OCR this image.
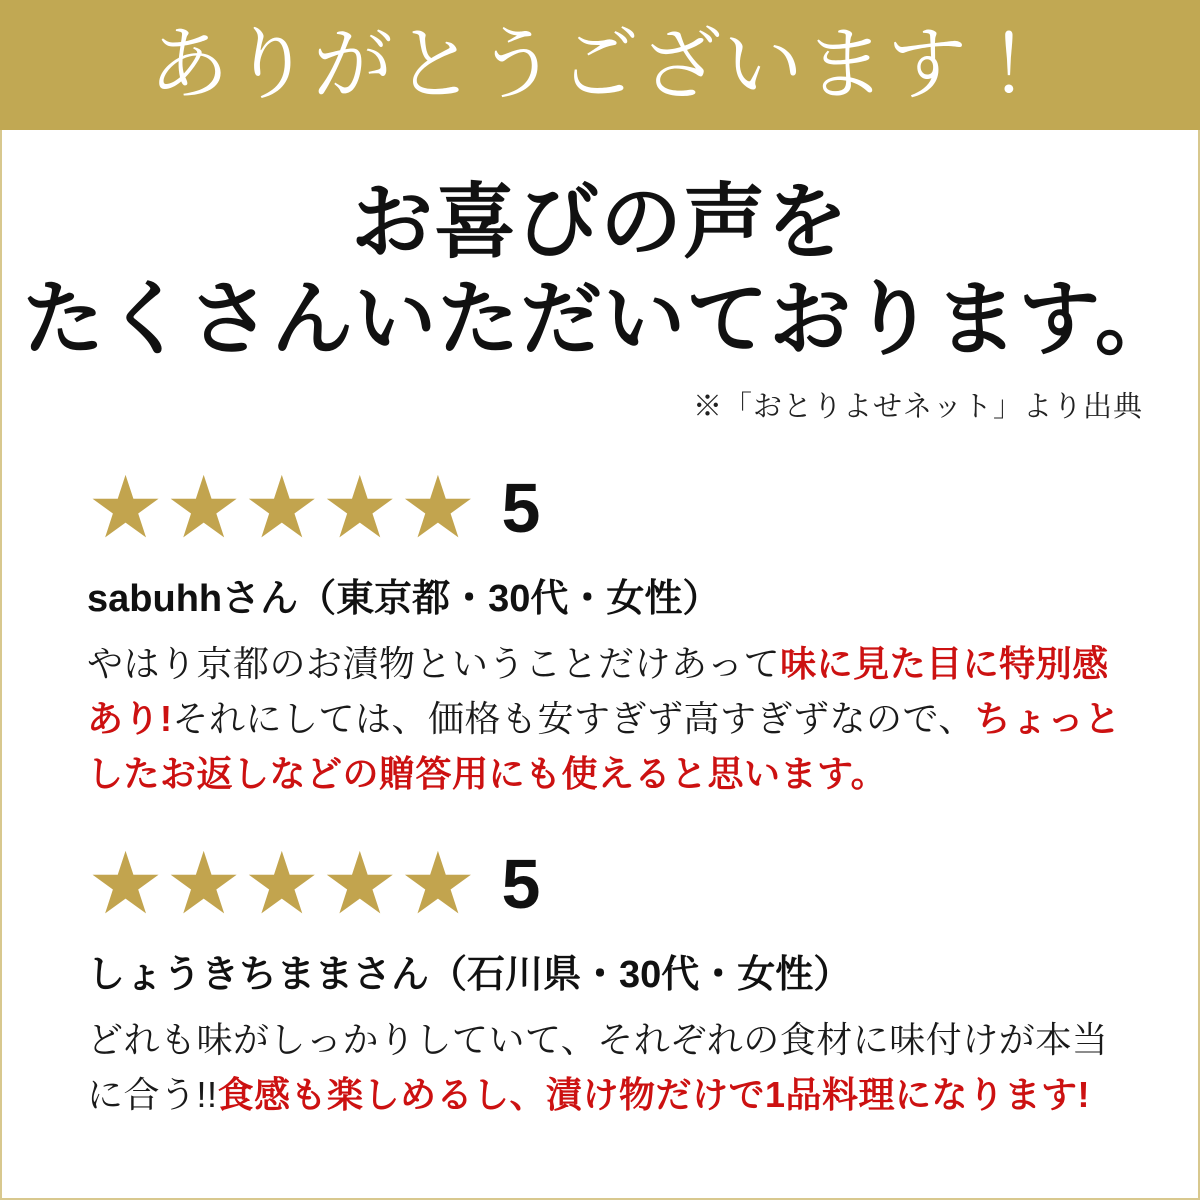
ありがとうございます！
お喜びの声を
たくさんいただいております。
※「おとりよせネット」より出典
★★★★★ 5
sabuhhさん（東京都・30代・女性）

やはり京都のお漬物ということだけあって味に見た目に特別感あり!それにしては、価格も安すぎず高すぎずなので、ちょっとしたお返しなどの贈答用にも使えると思います。

★★★★★ 5
しょうきちままさん（石川県・30代・女性）

どれも味がしっかりしていて、それぞれの食材に味付けが本当に合う!!食感も楽しめるし、漬け物だけで1品料理になります!
